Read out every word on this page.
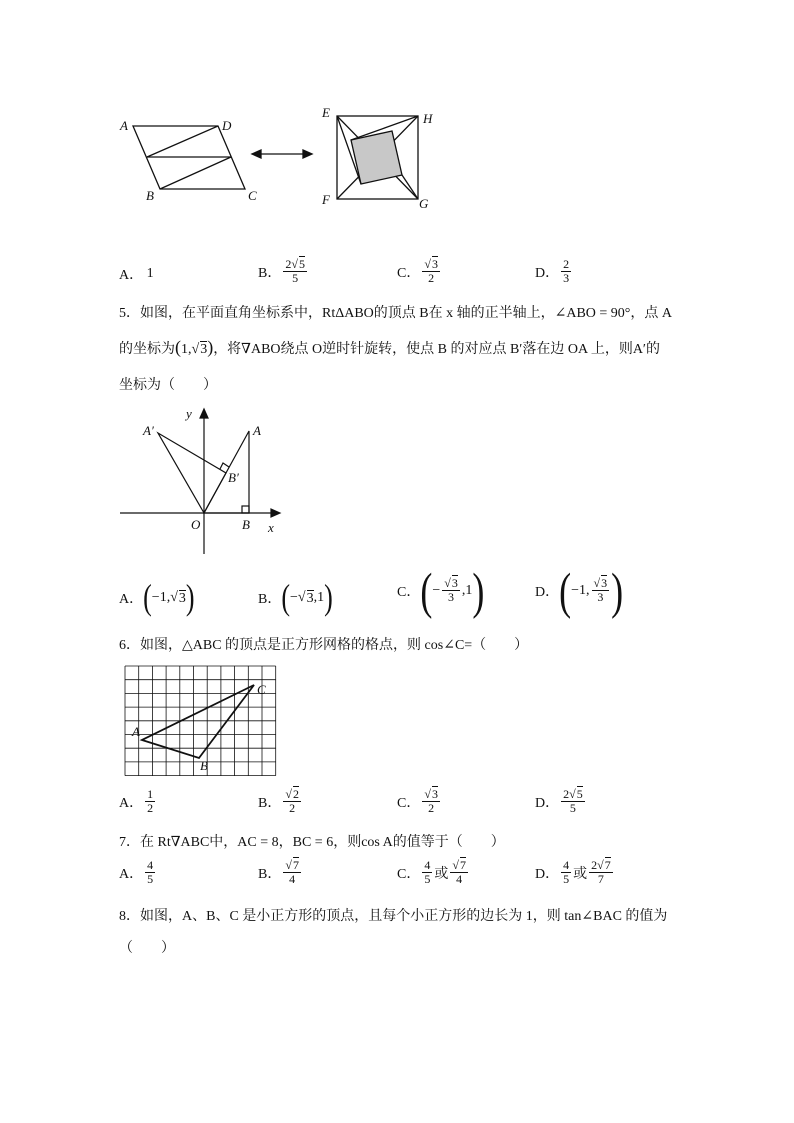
A	D
B	C
E	H
F	G
A．
1	B． $\frac{2√5}{5}$	C． $\frac{√3}{2}$	D． $\frac{2}{3}$
5．如图，在平面直角坐标系中，RtΔABO的顶点 B在 x 轴的正半轴上，∠ABO = 90°，点 A
的坐标为(1,√3)，将∇ABO绕点 O逆时针旋转，使点 B 的对应点 B′落在边 OA 上，则A′的
坐标为（　　）
y
x
O
A
A′
B
B′
A． ( −1, √ 3 )	B． ( − √ 3 ,1 )	C． ( − $\frac{√3}{3} ,1$ )	D． ( −1, $\frac{√3}{3}$ )
6．如图，△ABC 的顶点是正方形网格的格点，则 cos∠C=（　　）
A
B
C
A． $\frac{1}{2}$	B． $\frac{√2}{2}$	C． $\frac{√3}{2}$	D． $\frac{2√5}{5}$
7．在 Rt∇ABC中，AC = 8，BC = 6，则cos A的值等于（　　）
A． $\frac{4}{5}$	B． $\frac{√7}{4}$	C． $\frac{4}{5}$ 或 $\frac{√7}{4}$	D． $\frac{4}{5}$ 或 $\frac{2√7}{7}$
8．如图，A、B、C 是小正方形的顶点，且每个小正方形的边长为 1，则 tan∠BAC 的值为
（　　）
